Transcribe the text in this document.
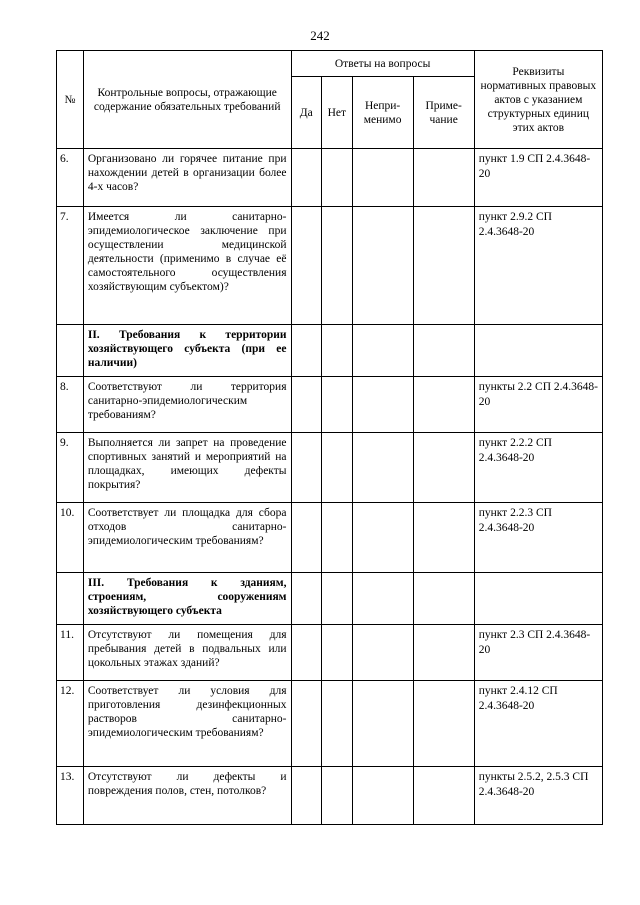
242
№	Контрольные вопросы, отражающие содержание обязательных требований	Ответы на вопросы				Реквизиты нормативных правовых актов с указанием структурных единиц этих актов
		Да	Нет	Непри-менимо	Приме-чание	
6.	Организовано ли горячее питание при нахождении детей в организации более 4-х часов?					пункт 1.9 СП 2.4.3648-20
7.	Имеется ли санитарно-эпидемиологическое заключение при осуществлении медицинской деятельности (применимо в случае её самостоятельного осуществления хозяйствующим субъектом)?					пункт 2.9.2 СП 2.4.3648-20
	II. Требования к территории хозяйствующего субъекта (при ее наличии)					
8.	Соответствуют ли территория санитарно-эпидемиологическим требованиям?					пункты 2.2 СП 2.4.3648-20
9.	Выполняется ли запрет на проведение спортивных занятий и мероприятий на площадках, имеющих дефекты покрытия?					пункт 2.2.2 СП 2.4.3648-20
10.	Соответствует ли площадка для сбора отходов санитарно-эпидемиологическим требованиям?					пункт 2.2.3 СП 2.4.3648-20
	III. Требования к зданиям, строениям, сооружениям хозяйствующего субъекта					
11.	Отсутствуют ли помещения для пребывания детей в подвальных или цокольных этажах зданий?					пункт 2.3 СП 2.4.3648-20
12.	Соответствует ли условия для приготовления дезинфекционных растворов санитарно-эпидемиологическим требованиям?					пункт 2.4.12 СП 2.4.3648-20
13.	Отсутствуют ли дефекты и повреждения полов, стен, потолков?					пункты 2.5.2, 2.5.3 СП 2.4.3648-20
